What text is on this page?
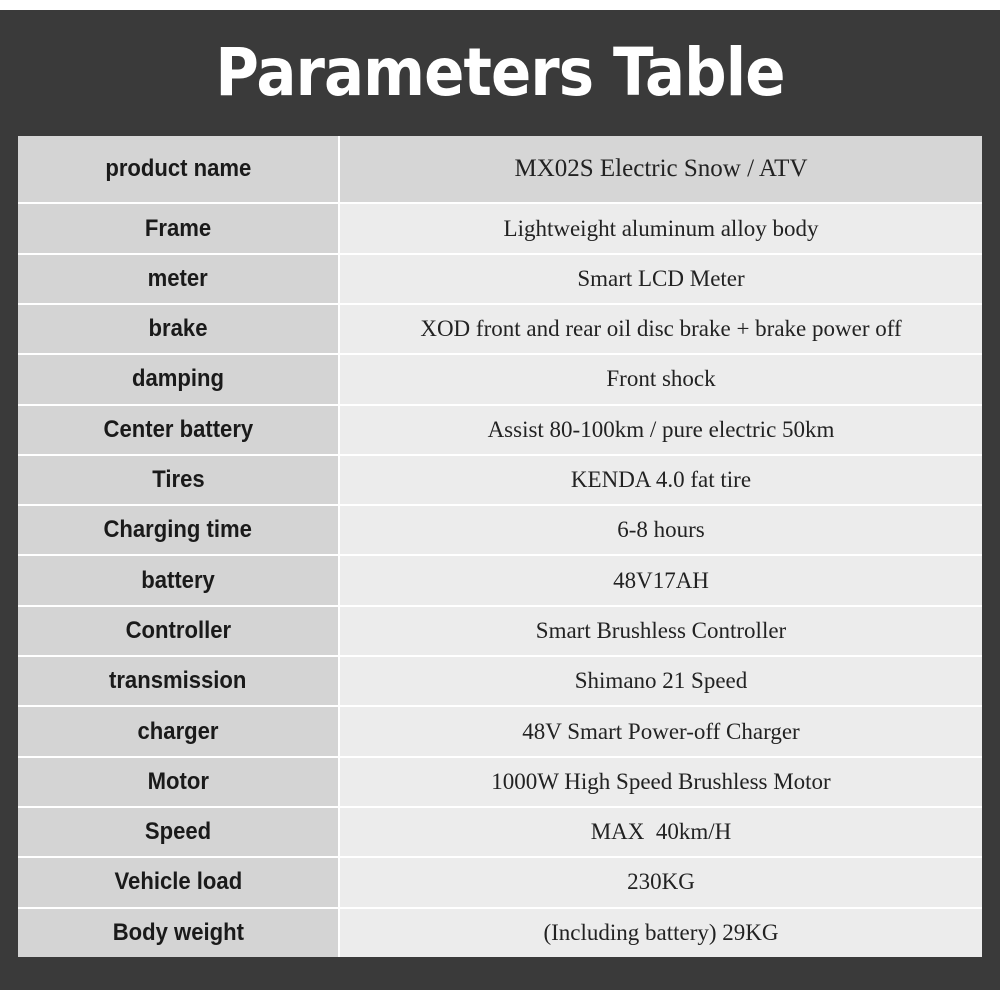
Parameters Table
product name	MX02S Electric Snow / ATV
Frame	Lightweight aluminum alloy body
meter	Smart LCD Meter
brake	XOD front and rear oil disc brake + brake power off
damping	Front shock
Center battery	Assist 80-100km / pure electric 50km
Tires	KENDA 4.0 fat tire
Charging time	6-8 hours
battery	48V17AH
Controller	Smart Brushless Controller
transmission	Shimano 21 Speed
charger	48V Smart Power-off Charger
Motor	1000W High Speed Brushless Motor
Speed	MAX  40km/H
Vehicle load	230KG
Body weight	(Including battery) 29KG
